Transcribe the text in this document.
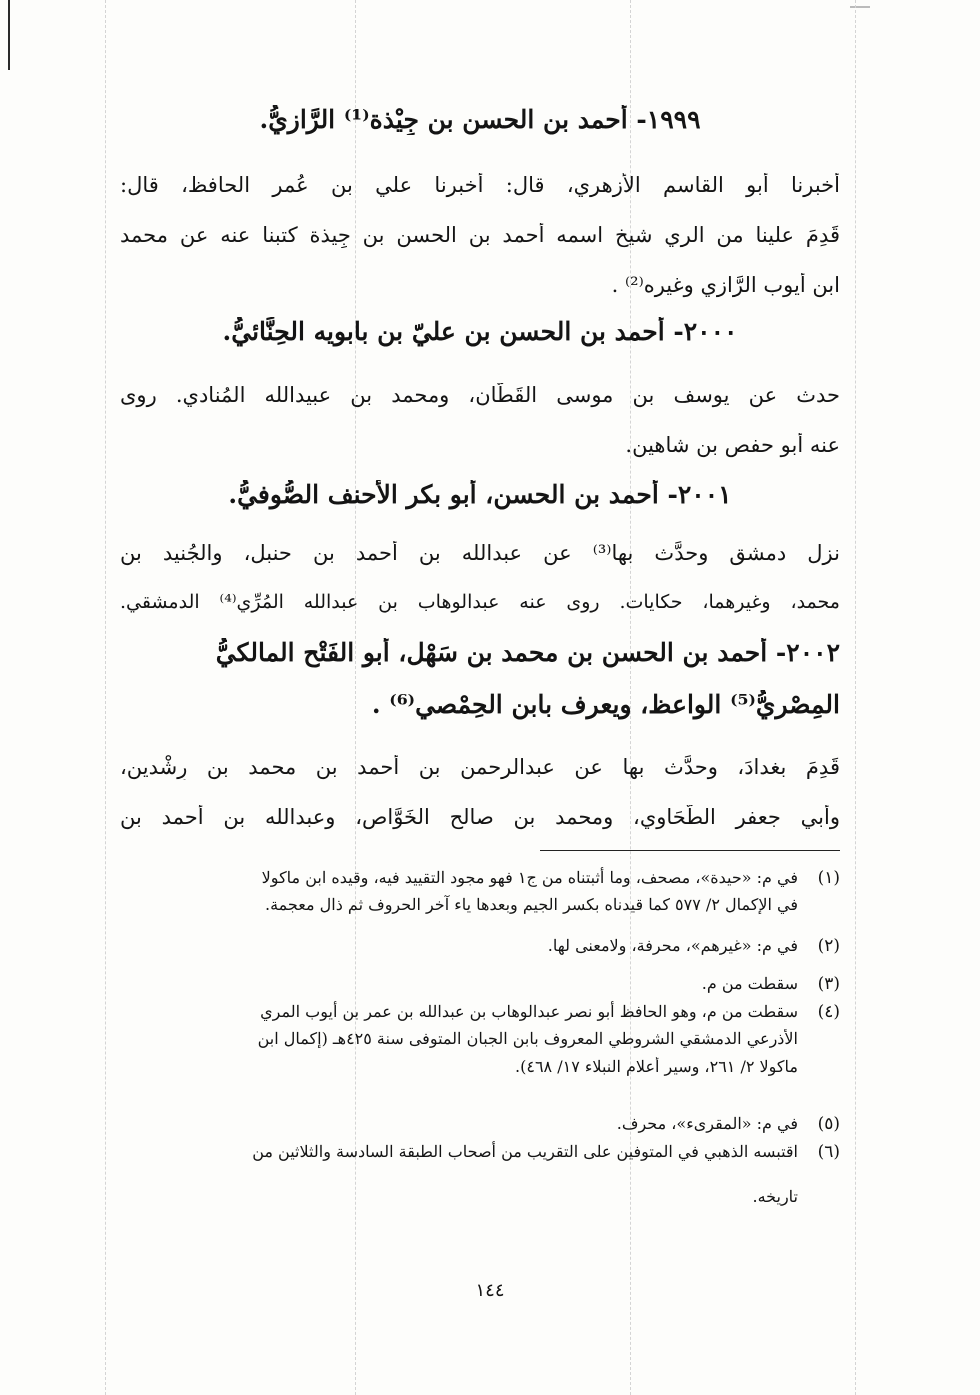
١٩٩٩- أحمد بن الحسن بن جِيْذة⁽¹⁾ الرَّازيُّ.
أخبرنا أبو القاسم الأزهري، قال: أخبرنا علي بن عُمر الحافظ، قال:
قَدِمَ علينا من الري شيخ اسمه أحمد بن الحسن بن جِيذة كتبنا عنه عن محمد
ابن أيوب الرَّازي وغيره⁽²⁾ .
٢٠٠٠- أحمد بن الحسن بن عليّ بن بابويه الحِنَّائيُّ.
حدث عن يوسف بن موسى القَطَّان، ومحمد بن عبيدالله المُنادي. روى
عنه أبو حفص بن شاهين.
٢٠٠١- أحمد بن الحسن، أبو بكر الأحنف الصُّوفيُّ.
نزل دمشق وحدَّث بها⁽³⁾ عن عبدالله بن أحمد بن حنبل، والجُنيد بن
محمد، وغيرهما، حكايات. روى عنه عبدالوهاب بن عبدالله المُرِّي⁽⁴⁾ الدمشقي.
٢٠٠٢- أحمد بن الحسن بن محمد بن سَهْل، أبو الفَتْح المالكيُّ
المِصْريُّ⁽⁵⁾ الواعظ، ويعرف بابن الحِمْصي⁽⁶⁾ .
قَدِمَ بغدادَ، وحدَّث بها عن عبدالرحمن بن أحمد بن محمد بن رِشْدين،
وأبي جعفر الطَّحَاوي، ومحمد بن صالح الخَوَّاص، وعبدالله بن أحمد بن
(١)في م: «حيدة»، مصحف، وما أثبتناه من ج١ فهو مجود التقييد فيه، وقيده ابن ماكولا
في الإكمال ٢/ ٥٧٧ كما قيدناه بكسر الجيم وبعدها ياء آخر الحروف ثم ذال معجمة.
(٢)في م: «غيرهم»، محرفة، ولامعنى لها.
(٣)سقطت من م.
(٤)سقطت من م، وهو الحافظ أبو نصر عبدالوهاب بن عبدالله بن عمر بن أيوب المري
الأذرعي الدمشقي الشروطي المعروف بابن الجبان المتوفى سنة ٤٢٥هـ (إكمال ابن
ماكولا ٢/ ٢٦١، وسير أعلام النبلاء ١٧/ ٤٦٨).
(٥)في م: «المقرىء»، محرف.
(٦)اقتبسه الذهبي في المتوفين على التقريب من أصحاب الطبقة السادسة والثلاثين من
تاريخه.
١٤٤
